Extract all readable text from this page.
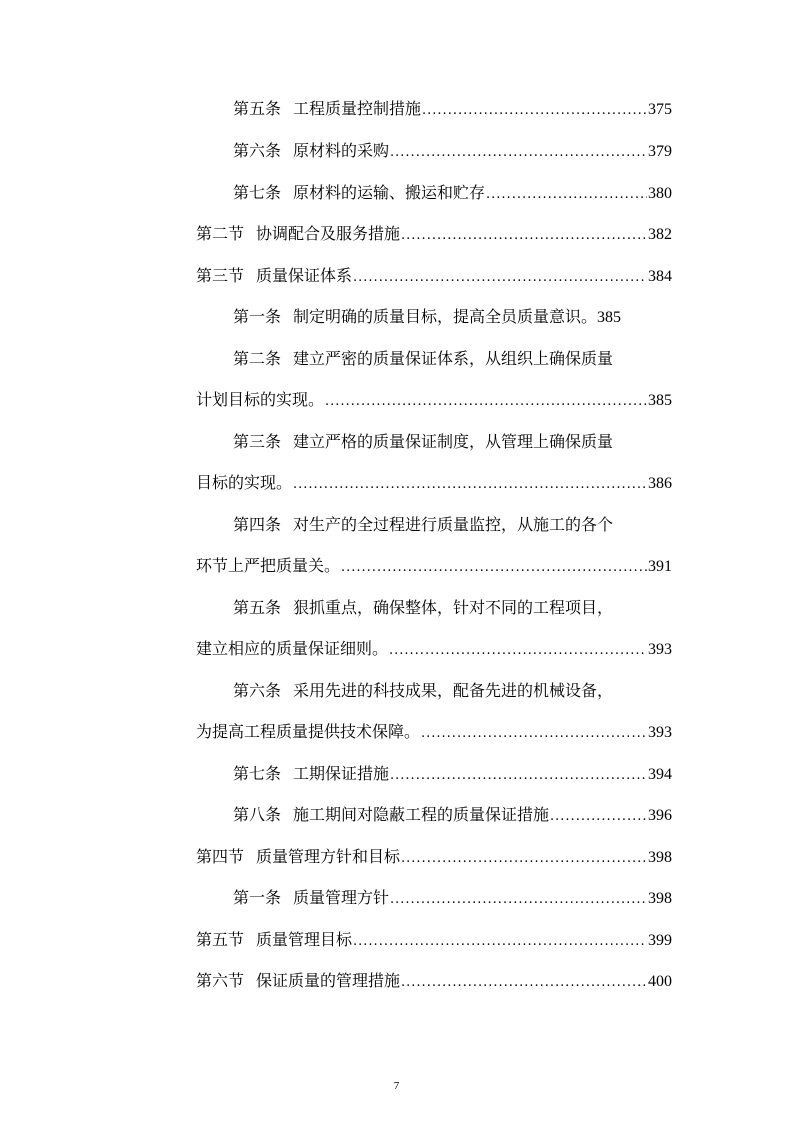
第五条 工程质量控制措施 .....	375
第六条 原材料的采购 .....	379
第七条 原材料的运输、搬运和贮存 .....	380
第二节 协调配合及服务措施 .....	382
第三节 质量保证体系 .....	384
第一条 制定明确的质量目标，提高全员质量意识。 385
第二条 建立严密的质量保证体系，从组织上确保质量
计划目标的实现。 .....	385
第三条 建立严格的质量保证制度，从管理上确保质量
目标的实现。 .....	386
第四条 对生产的全过程进行质量监控，从施工的各个
环节上严把质量关。 .....	391
第五条 狠抓重点，确保整体，针对不同的工程项目，
建立相应的质量保证细则。 .....	393
第六条 采用先进的科技成果，配备先进的机械设备，
为提高工程质量提供技术保障。 .....	393
第七条 工期保证措施 .....	394
第八条 施工期间对隐蔽工程的质量保证措施 .....	396
第四节 质量管理方针和目标 .....	398
第一条 质量管理方针 .....	398
第五节 质量管理目标 .....	399
第六节 保证质量的管理措施 .....	400
7
